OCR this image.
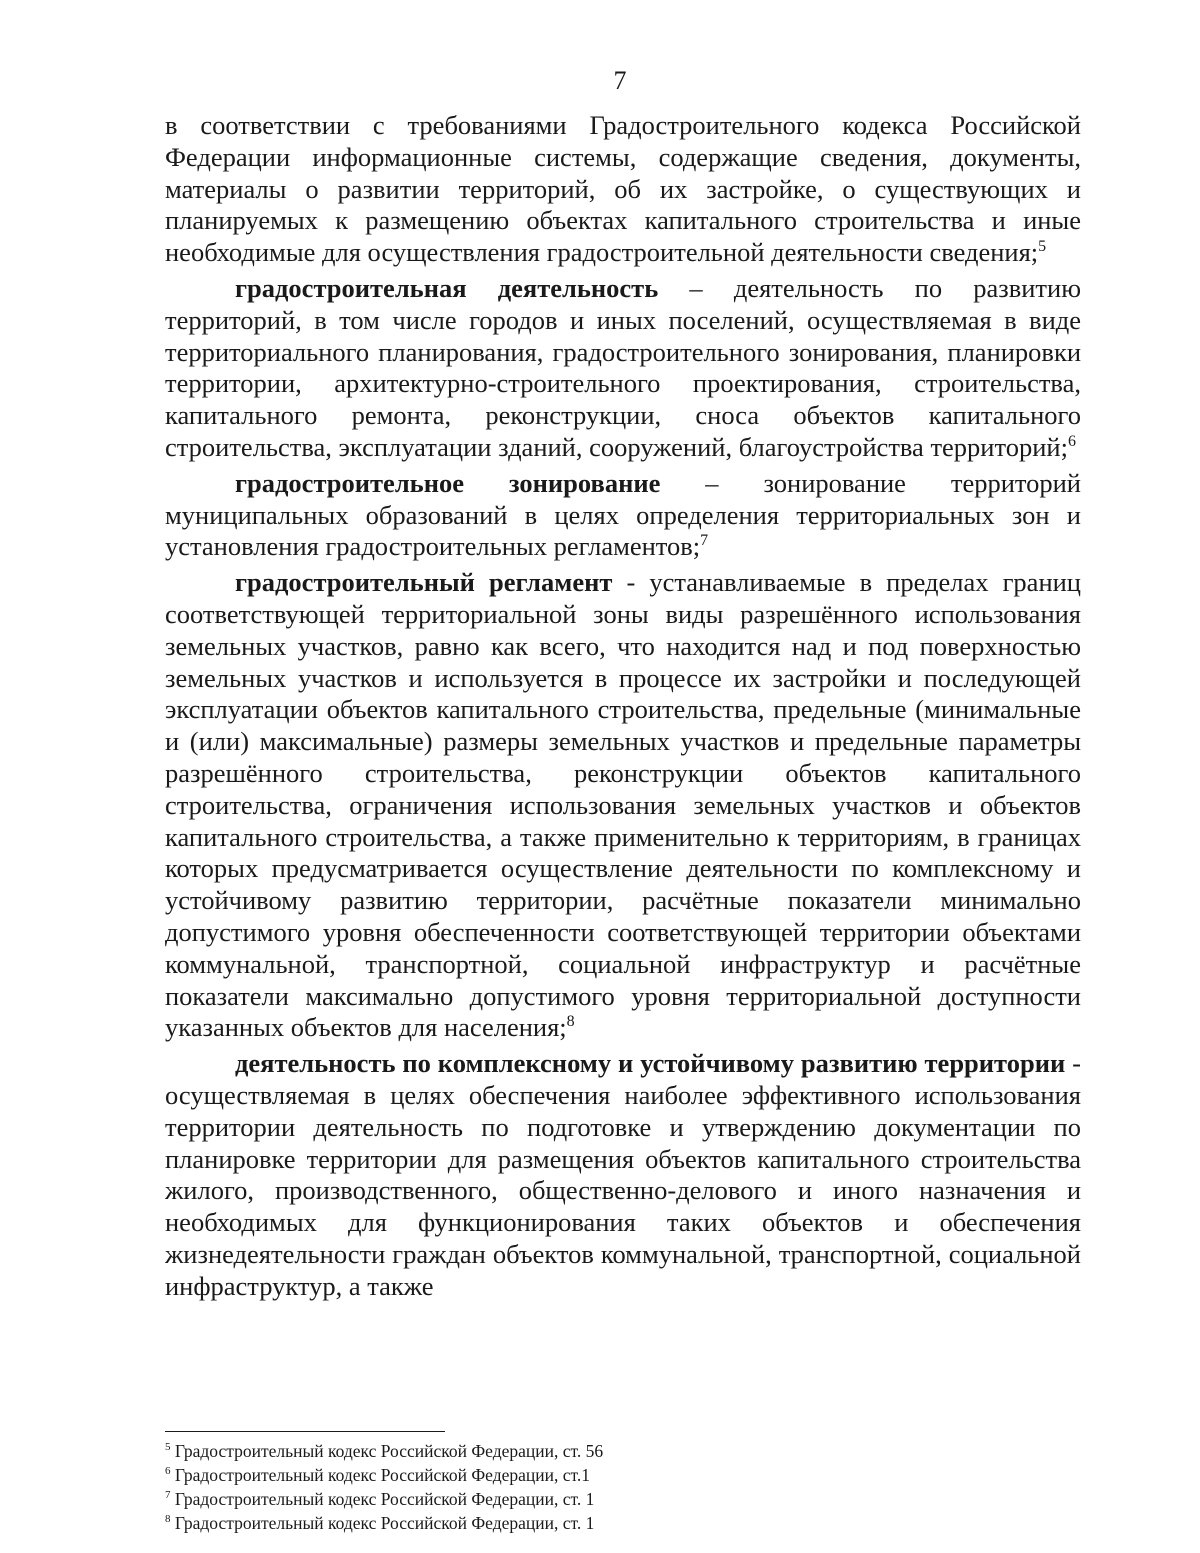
7

в соответствии с требованиями Градостроительного кодекса Российской Федерации информационные системы, содержащие сведения, документы, материалы о развитии территорий, об их застройке, о существующих и планируемых к размещению объектах капитального строительства и иные необходимые для осуществления градостроительной деятельности сведения;$^5$

градостроительная деятельность – деятельность по развитию территорий, в том числе городов и иных поселений, осуществляемая в виде территориального планирования, градостроительного зонирования, планировки территории, архитектурно-строительного проектирования, строительства, капитального ремонта, реконструкции, сноса объектов капитального строительства, эксплуатации зданий, сооружений, благоустройства территорий;$^6$

градостроительное зонирование – зонирование территорий муниципальных образований в целях определения территориальных зон и установления градостроительных регламентов;$^7$

градостроительный регламент - устанавливаемые в пределах границ соответствующей территориальной зоны виды разрешённого использования земельных участков, равно как всего, что находится над и под поверхностью земельных участков и используется в процессе их застройки и последующей эксплуатации объектов капитального строительства, предельные (минимальные и (или) максимальные) размеры земельных участков и предельные параметры разрешённого строительства, реконструкции объектов капитального строительства, ограничения использования земельных участков и объектов капитального строительства, а также применительно к территориям, в границах которых предусматривается осуществление деятельности по комплексному и устойчивому развитию территории, расчётные показатели минимально допустимого уровня обеспеченности соответствующей территории объектами коммунальной, транспортной, социальной инфраструктур и расчётные показатели максимально допустимого уровня территориальной доступности указанных объектов для населения;$^8$

деятельность по комплексному и устойчивому развитию территории - осуществляемая в целях обеспечения наиболее эффективного использования территории деятельность по подготовке и утверждению документации по планировке территории для размещения объектов капитального строительства жилого, производственного, общественно-делового и иного назначения и необходимых для функционирования таких объектов и обеспечения жизнедеятельности граждан объектов коммунальной, транспортной, социальной инфраструктур, а также

$^5$ Градостроительный кодекс Российской Федерации, ст. 56

$^6$ Градостроительный кодекс Российской Федерации, ст.1

$^7$ Градостроительный кодекс Российской Федерации, ст. 1

$^8$ Градостроительный кодекс Российской Федерации, ст. 1
